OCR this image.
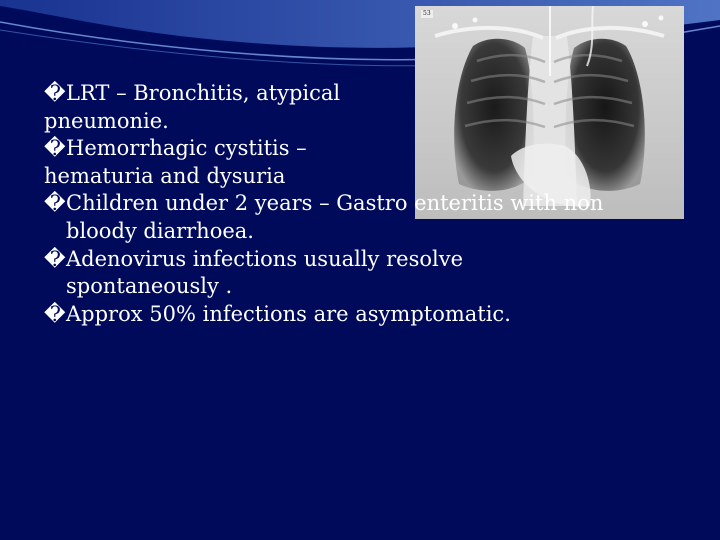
53

�LRT – Bronchitis, atypical
pneumonie.

�Hemorrhagic cystitis –
hematuria and dysuria

�Children under 2 years – Gastro enteritis with non
bloody diarrhoea.

�Adenovirus infections usually resolve
spontaneously .

�Approx 50% infections are asymptomatic.
